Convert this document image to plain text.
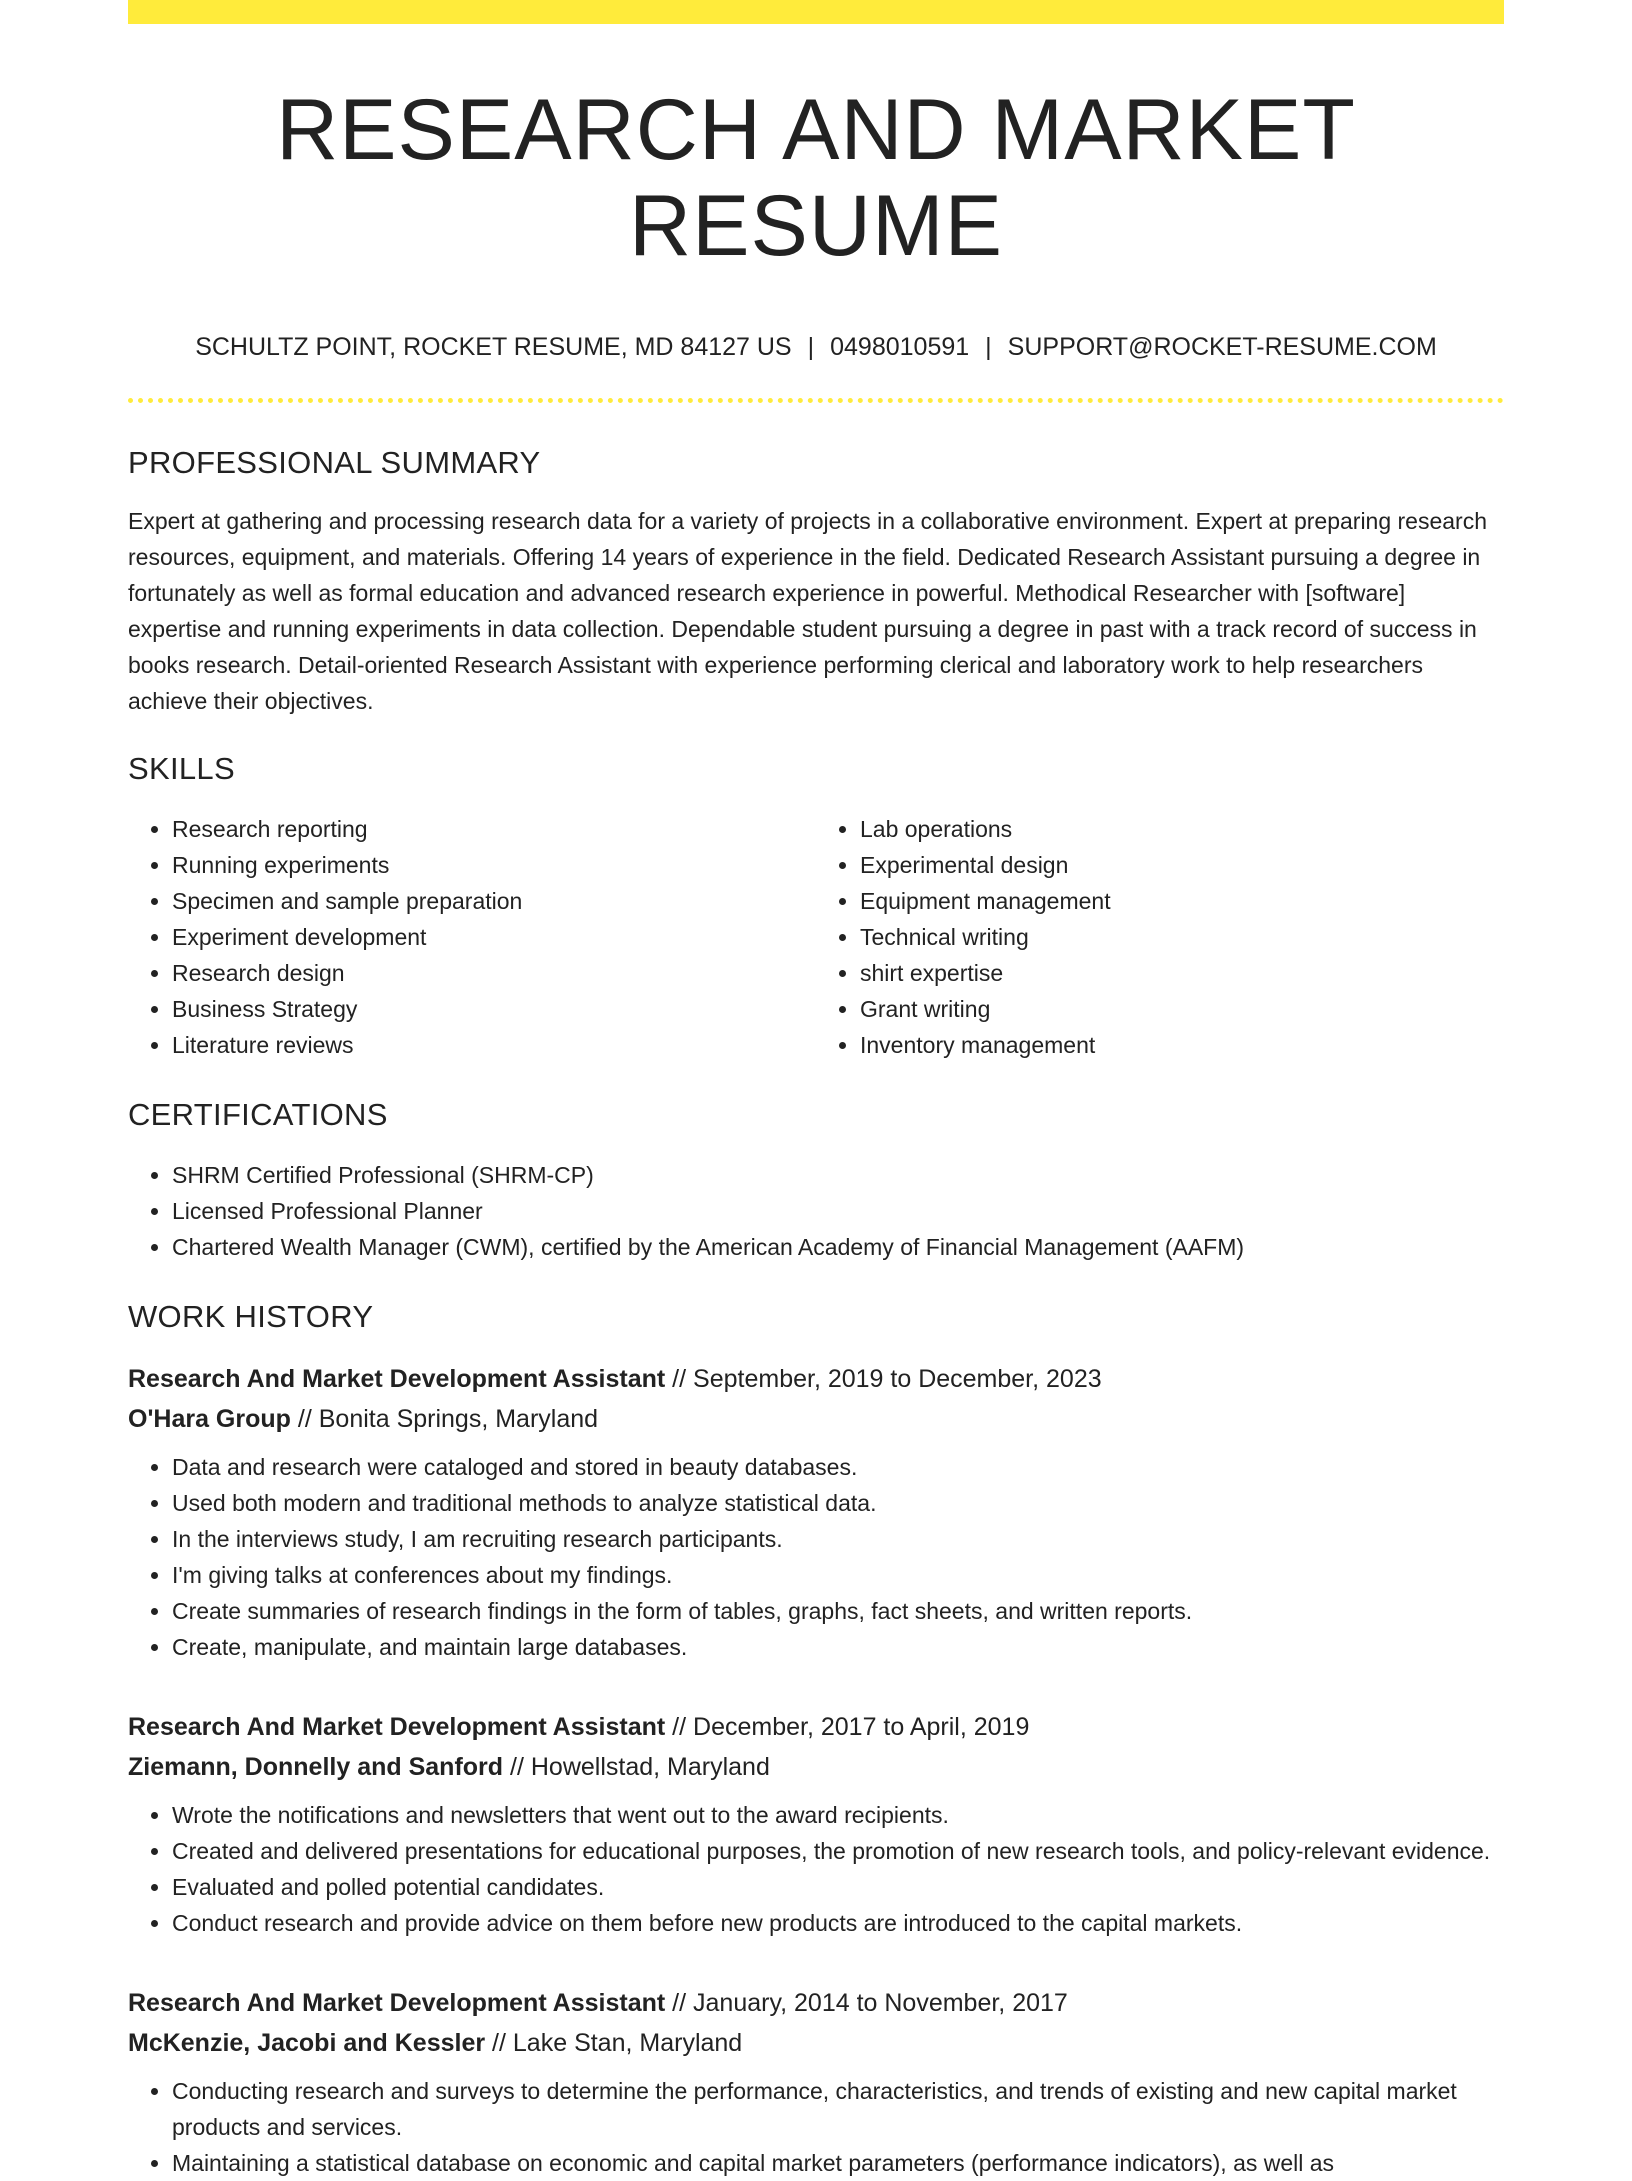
RESEARCH AND MARKET RESUME
SCHULTZ POINT, ROCKET RESUME, MD 84127 US | 0498010591 | SUPPORT@ROCKET-RESUME.COM
PROFESSIONAL SUMMARY

Expert at gathering and processing research data for a variety of projects in a collaborative environment. Expert at preparing research resources, equipment, and materials. Offering 14 years of experience in the field. Dedicated Research Assistant pursuing a degree in fortunately as well as formal education and advanced research experience in powerful. Methodical Researcher with [software] expertise and running experiments in data collection. Dependable student pursuing a degree in past with a track record of success in books research. Detail-oriented Research Assistant with experience performing clerical and laboratory work to help researchers achieve their objectives.

SKILLS
• Research reporting
• Running experiments
• Specimen and sample preparation
• Experiment development
• Research design
• Business Strategy
• Literature reviews
• Lab operations
• Experimental design
• Equipment management
• Technical writing
• shirt expertise
• Grant writing
• Inventory management
CERTIFICATIONS
• SHRM Certified Professional (SHRM-CP)
• Licensed Professional Planner
• Chartered Wealth Manager (CWM), certified by the American Academy of Financial Management (AAFM)
WORK HISTORY
Research And Market Development Assistant // September, 2019 to December, 2023
O'Hara Group // Bonita Springs, Maryland
• Data and research were cataloged and stored in beauty databases.
• Used both modern and traditional methods to analyze statistical data.
• In the interviews study, I am recruiting research participants.
• I'm giving talks at conferences about my findings.
• Create summaries of research findings in the form of tables, graphs, fact sheets, and written reports.
• Create, manipulate, and maintain large databases.
Research And Market Development Assistant // December, 2017 to April, 2019
Ziemann, Donnelly and Sanford // Howellstad, Maryland
• Wrote the notifications and newsletters that went out to the award recipients.
• Created and delivered presentations for educational purposes, the promotion of new research tools, and policy-relevant evidence.
• Evaluated and polled potential candidates.
• Conduct research and provide advice on them before new products are introduced to the capital markets.
Research And Market Development Assistant // January, 2014 to November, 2017
McKenzie, Jacobi and Kessler // Lake Stan, Maryland
• Conducting research and surveys to determine the performance, characteristics, and trends of existing and new capital market products and services.
• Maintaining a statistical database on economic and capital market parameters (performance indicators), as well as
